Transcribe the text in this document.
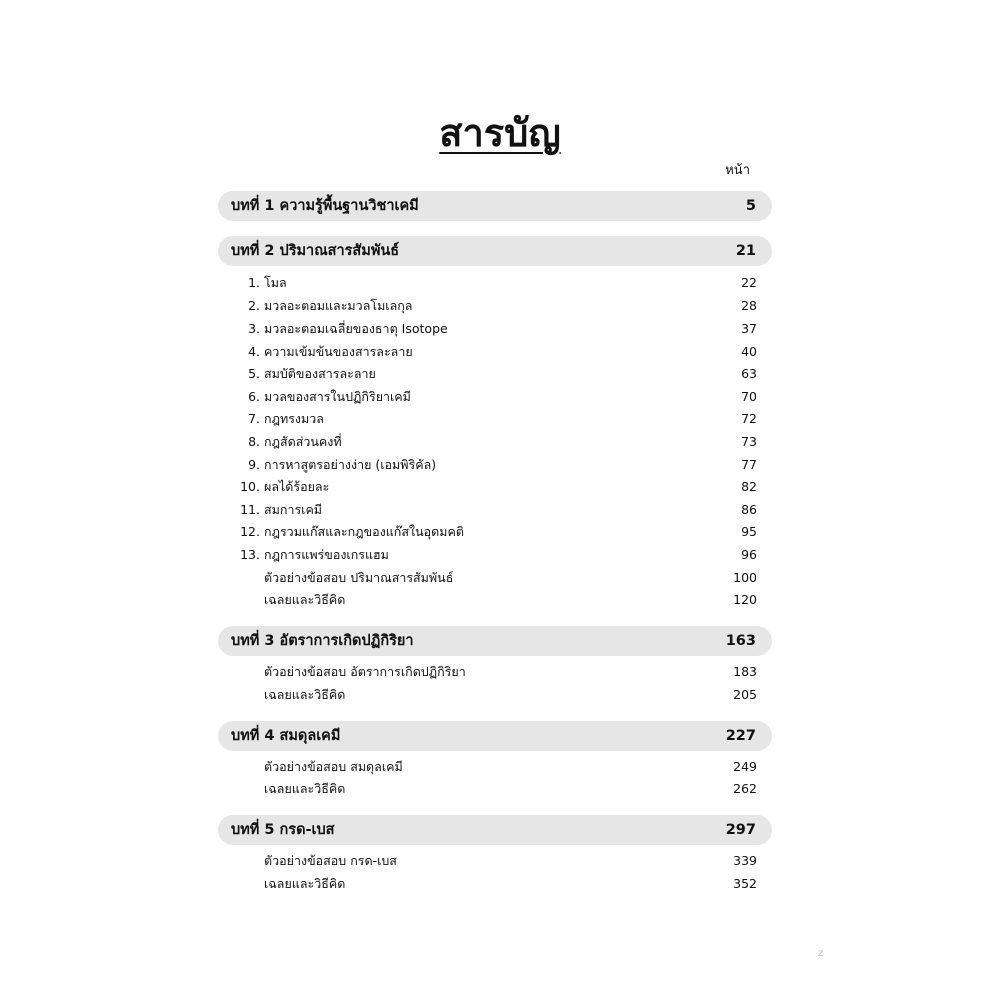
สารบัญ
หน้า
บทที่ 1 ความรู้พื้นฐานวิชาเคมี	5
บทที่ 2 ปริมาณสารสัมพันธ์	21
1. โมล	22
2. มวลอะตอมและมวลโมเลกุล	28
3. มวลอะตอมเฉลี่ยของธาตุ Isotope	37
4. ความเข้มข้นของสารละลาย	40
5. สมบัติของสารละลาย	63
6. มวลของสารในปฏิกิริยาเคมี	70
7. กฎทรงมวล	72
8. กฎสัดส่วนคงที่	73
9. การหาสูตรอย่างง่าย (เอมพิริคัล)	77
10. ผลได้ร้อยละ	82
11. สมการเคมี	86
12. กฎรวมแก๊สและกฎของแก๊สในอุดมคติ	95
13. กฎการแพร่ของเกรแฮม	96
ตัวอย่างข้อสอบ ปริมาณสารสัมพันธ์	100
เฉลยและวิธีคิด	120
บทที่ 3 อัตราการเกิดปฏิกิริยา	163
ตัวอย่างข้อสอบ อัตราการเกิดปฏิกิริยา	183
เฉลยและวิธีคิด	205
บทที่ 4 สมดุลเคมี	227
ตัวอย่างข้อสอบ สมดุลเคมี	249
เฉลยและวิธีคิด	262
บทที่ 5 กรด-เบส	297
ตัวอย่างข้อสอบ กรด-เบส	339
เฉลยและวิธีคิด	352
z
